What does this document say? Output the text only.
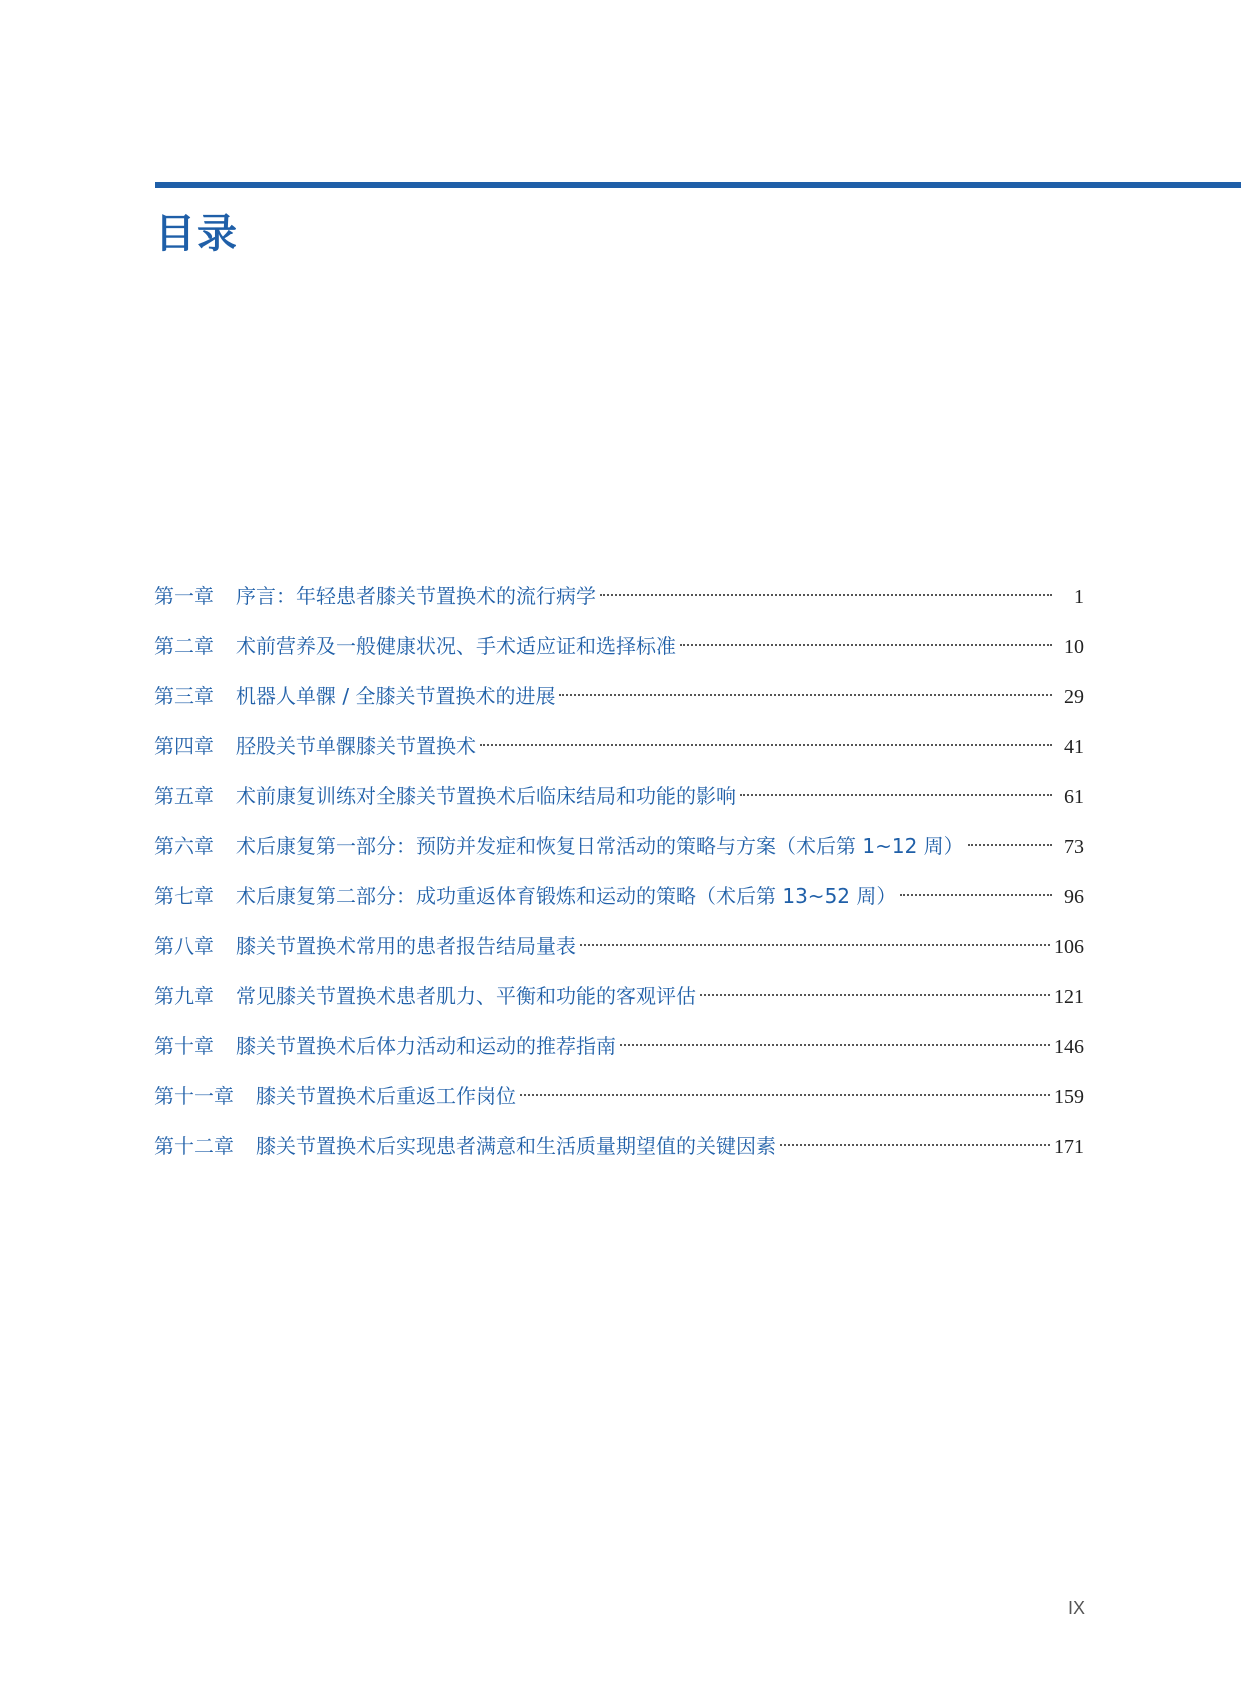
目录
第一章	序言：年轻患者膝关节置换术的流行病学	1
第二章	术前营养及一般健康状况、手术适应证和选择标准	10
第三章	机器人单髁 / 全膝关节置换术的进展	29
第四章	胫股关节单髁膝关节置换术	41
第五章	术前康复训练对全膝关节置换术后临床结局和功能的影响	61
第六章	术后康复第一部分：预防并发症和恢复日常活动的策略与方案（术后第 1~12 周）	73
第七章	术后康复第二部分：成功重返体育锻炼和运动的策略（术后第 13~52 周）	96
第八章	膝关节置换术常用的患者报告结局量表	106
第九章	常见膝关节置换术患者肌力、平衡和功能的客观评估	121
第十章	膝关节置换术后体力活动和运动的推荐指南	146
第十一章	膝关节置换术后重返工作岗位	159
第十二章	膝关节置换术后实现患者满意和生活质量期望值的关键因素	171
IX
